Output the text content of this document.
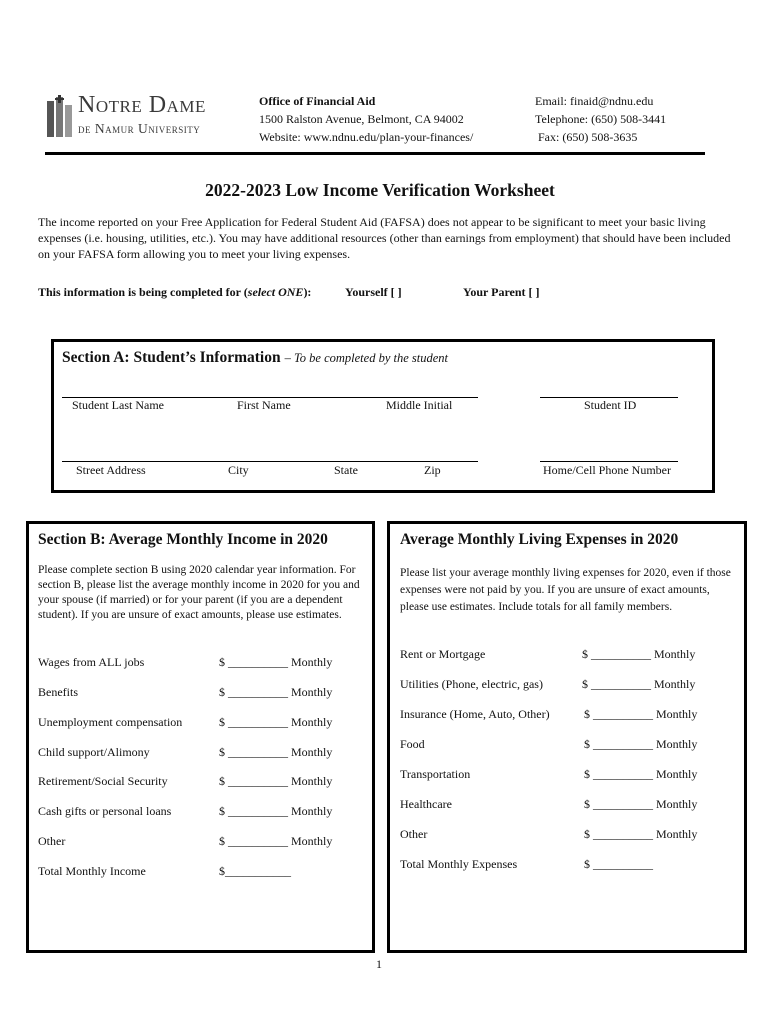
Notre Dame
de Namur University
Office of Financial Aid
1500 Ralston Avenue, Belmont, CA 94002
Website: www.ndnu.edu/plan-your-finances/
Email: finaid@ndnu.edu
Telephone: (650) 508-3441
Fax: (650) 508-3635
2022-2023 Low Income Verification Worksheet
The income reported on your Free Application for Federal Student Aid (FAFSA) does not appear to be significant to meet your basic living expenses (i.e. housing, utilities, etc.). You may have additional resources (other than earnings from employment) that should have been included on your FAFSA form allowing you to meet your living expenses.
This information is being completed for (select ONE):	Yourself [ ]	Your Parent [ ]
Section A: Student’s Information – To be completed by the student
Student Last Name	First Name	Middle Initial	Student ID
Street Address	City	State	Zip	Home/Cell Phone Number
Section B: Average Monthly Income in 2020
Please complete section B using 2020 calendar year information. For section B, please list the average monthly income in 2020 for you and your spouse (if married) or for your parent (if you are a dependent student). If you are unsure of exact amounts, please use estimates.
Wages from ALL jobs	$ __________ Monthly
Benefits	$ __________ Monthly
Unemployment compensation	$ __________ Monthly
Child support/Alimony	$ __________ Monthly
Retirement/Social Security	$ __________ Monthly
Cash gifts or personal loans	$ __________ Monthly
Other	$ __________ Monthly
Total Monthly Income	$___________
Average Monthly Living Expenses in 2020
Please list your average monthly living expenses for 2020, even if those expenses were not paid by you. If you are unsure of exact amounts, please use estimates. Include totals for all family members.
Rent or Mortgage	$ __________ Monthly
Utilities (Phone, electric, gas)	$ __________ Monthly
Insurance (Home, Auto, Other)	$ __________ Monthly
Food	$ __________ Monthly
Transportation	$ __________ Monthly
Healthcare	$ __________ Monthly
Other	$ __________ Monthly
Total Monthly Expenses	$ __________
1
